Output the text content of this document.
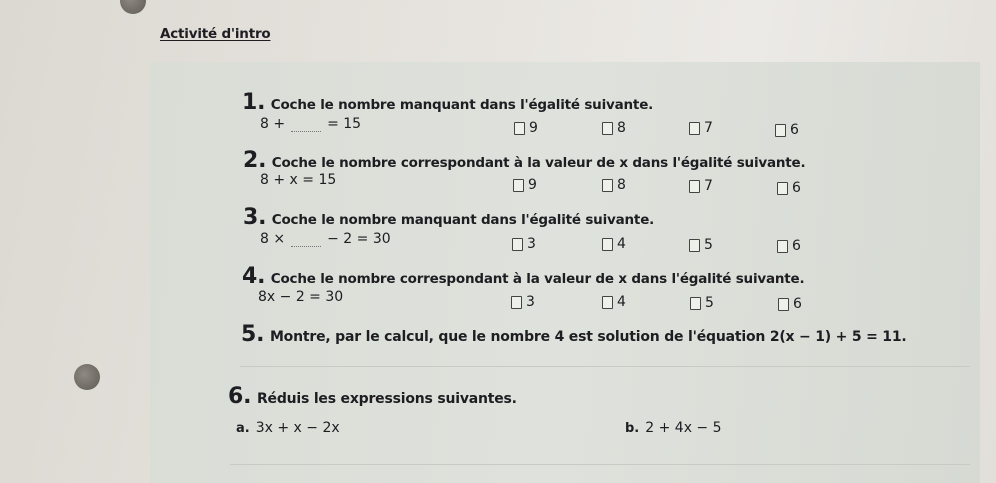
Activité d'intro
1. Coche le nombre manquant dans l'égalité suivante.
8 +	= 15	9	8	7	6
2. Coche le nombre correspondant à la valeur de x dans l'égalité suivante.
8 + x = 15	9	8	7	6
3. Coche le nombre manquant dans l'égalité suivante.
8 ×	− 2 = 30	3	4	5	6
4. Coche le nombre correspondant à la valeur de x dans l'égalité suivante.
8x − 2 = 30	3	4	5	6
5. Montre, par le calcul, que le nombre 4 est solution de l'équation 2(x − 1) + 5 = 11.
6. Réduis les expressions suivantes.
a. 3x + x − 2x	b. 2 + 4x − 5
